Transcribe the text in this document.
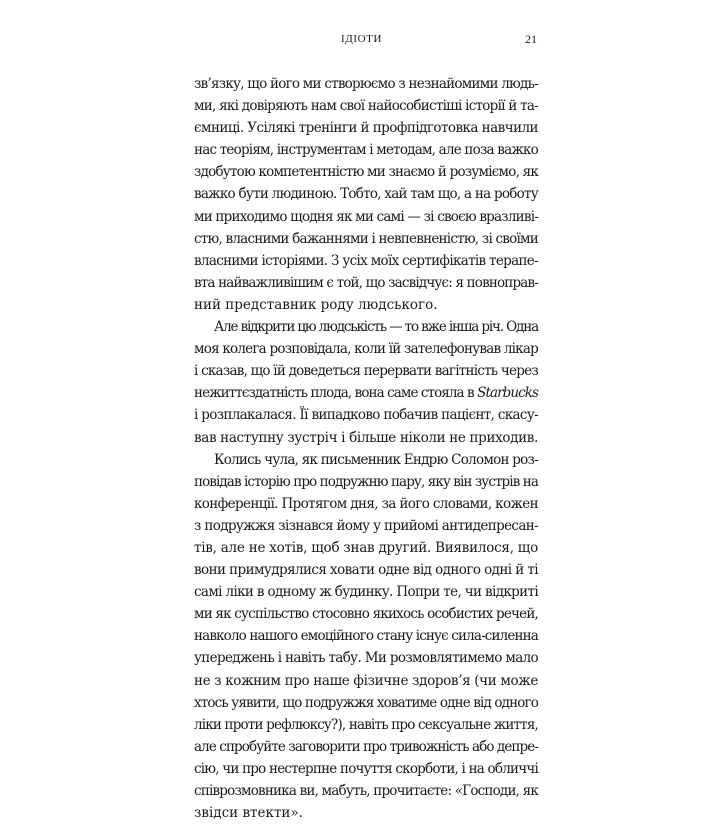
ІДІОТИ	21

зв’язку, що його ми створюємо з незнайомими людь-
ми, які довіряють нам свої найособистіші історії й та-
ємниці. Усілякі тренінги й профпідготовка навчили
нас теоріям, інструментам і методам, але поза важко
здобутою компетентністю ми знаємо й розуміємо, як
важко бути людиною. Тобто, хай там що, а на роботу
ми приходимо щодня як ми самі — зі своєю вразливі-
стю, власними бажаннями і невпевненістю, зі своїми
власними історіями. З усіх моїх сертифікатів терапе-
вта найважливішим є той, що засвідчує: я повноправ-
ний представник роду людського.

Але відкрити цю людськість — то вже інша річ. Одна
моя колега розповідала, коли їй зателефонував лікар
і сказав, що їй доведеться перервати вагітність через
нежиттєздатність плода, вона саме стояла в Starbucks
і розплакалася. Її випадково побачив пацієнт, скасу-
вав наступну зустріч і більше ніколи не приходив.

Колись чула, як письменник Ендрю Соломон роз-
повідав історію про подружню пару, яку він зустрів на
конференції. Протягом дня, за його словами, кожен
з подружжя зізнався йому у прийомі антидепресан-
тів, але не хотів, щоб знав другий. Виявилося, що
вони примудрялися ховати одне від одного одні й ті
самі ліки в одному ж будинку. Попри те, чи відкриті
ми як суспільство стосовно якихось особистих речей,
навколо нашого емоційного стану існує сила-силенна
упереджень і навіть табу. Ми розмовлятимемо мало
не з кожним про наше фізичне здоров’я (чи може
хтось уявити, що подружжя ховатиме одне від одного
ліки проти рефлюксу?), навіть про сексуальне життя,
але спробуйте заговорити про тривожність або депре-
сію, чи про нестерпне почуття скорботи, і на обличчі
співрозмовника ви, мабуть, прочитаєте: «Господи, як
звідси втекти».
